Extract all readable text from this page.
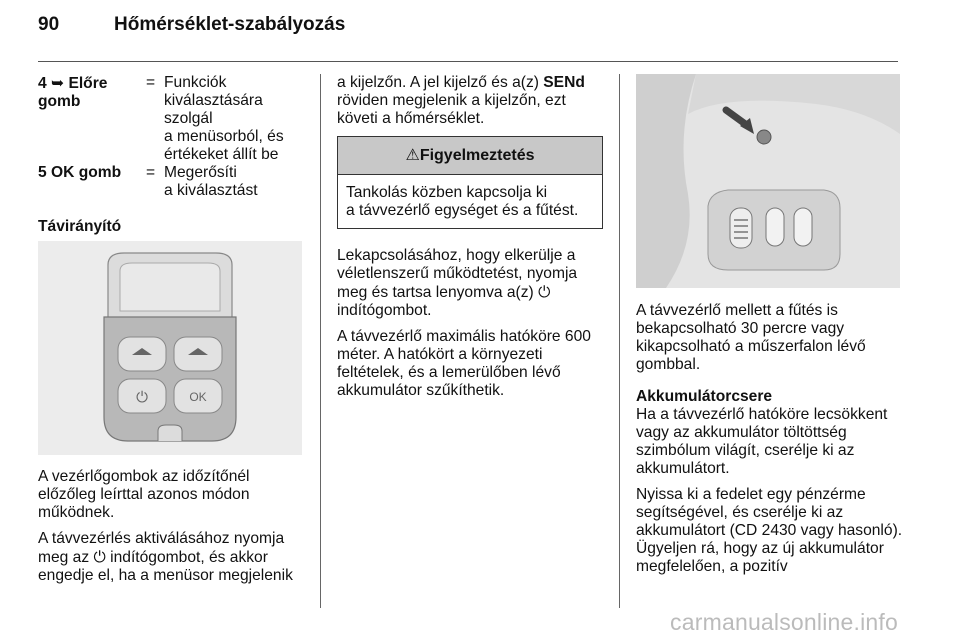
90	Hőmérséklet-szabályozás
4 ➥ Előre gomb
= Funkciók
kiválasztására
szolgál
a menüsorból, és
értékeket állít be
5 OK gomb	= Megerősíti
a kiválasztást

Távirányító

⏻	OK

A vezérlőgombok az időzítőnél előzőleg leírttal azonos módon működnek.

A távvezérlés aktiválásához nyomja meg az ⏻ indítógombot, és akkor engedje el, ha a menüsor megjelenik

a kijelzőn. A jel kijelző és a(z) SENd röviden megjelenik a kijelzőn, ezt követi a hőmérséklet.

⚠Figyelmeztetés
Tankolás közben kapcsolja ki
a távvezérlő egységet és a fűtést.

Lekapcsolásához, hogy elkerülje a véletlenszerű működtetést, nyomja meg és tartsa lenyomva a(z) ⏻ indítógombot.

A távvezérlő maximális hatóköre 600 méter. A hatókört a környezeti feltételek, és a lemerülőben lévő akkumulátor szűkíthetik.

A távvezérlő mellett a fűtés is bekapcsolható 30 percre vagy kikapcsolható a műszerfalon lévő gombbal.

Akkumulátorcsere

Ha a távvezérlő hatóköre lecsökkent vagy az akkumulátor töltöttség szimbólum világít, cserélje ki az akkumulátort.

Nyissa ki a fedelet egy pénzérme segítségével, és cserélje ki az akkumulátort (CD 2430 vagy hasonló). Ügyeljen rá, hogy az új akkumulátor megfelelően, a pozitív

carmanualsonline.info
